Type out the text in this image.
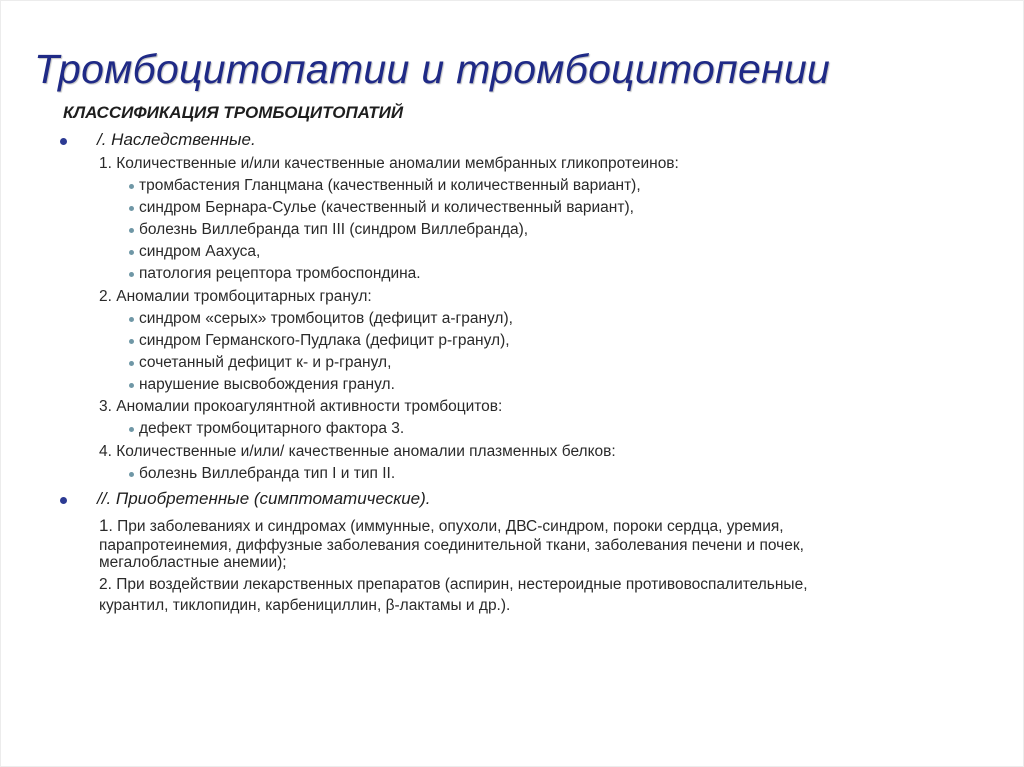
Тромбоцитопатии и тромбоцитопении
КЛАССИФИКАЦИЯ ТРОМБОЦИТОПАТИЙ
/. Наследственные.
1. Количественные и/или качественные аномалии мембранных гликопротеинов:
тромбастения Гланцмана (качественный и количественный вариант),
синдром Бернара-Сулье (качественный и количественный вариант),
болезнь Виллебранда тип III (синдром Виллебранда),
синдром Аахуса,
патология рецептора тромбоспондина.
2. Аномалии тромбоцитарных гранул:
синдром «серых» тромбоцитов (дефицит а-гранул),
синдром Германского-Пудлака (дефицит р-гранул),
сочетанный дефицит к- и р-гранул,
нарушение высвобождения гранул.
3. Аномалии прокоагулянтной активности тромбоцитов:
дефект тромбоцитарного фактора 3.
4. Количественные и/или/ качественные аномалии плазменных белков:
болезнь Виллебранда тип I и тип II.
//. Приобретенные (симптоматические).
1. При заболеваниях и синдромах (иммунные, опухоли, ДВС-синдром, пороки сердца, уремия,
парапротеинемия, диффузные заболевания соединительной ткани, заболевания печени и почек,
мегалобластные анемии);
2. При воздействии лекарственных препаратов (аспирин, нестероидные противовоспалительные,
курантил, тиклопидин, карбенициллин, β-лактамы и др.).
